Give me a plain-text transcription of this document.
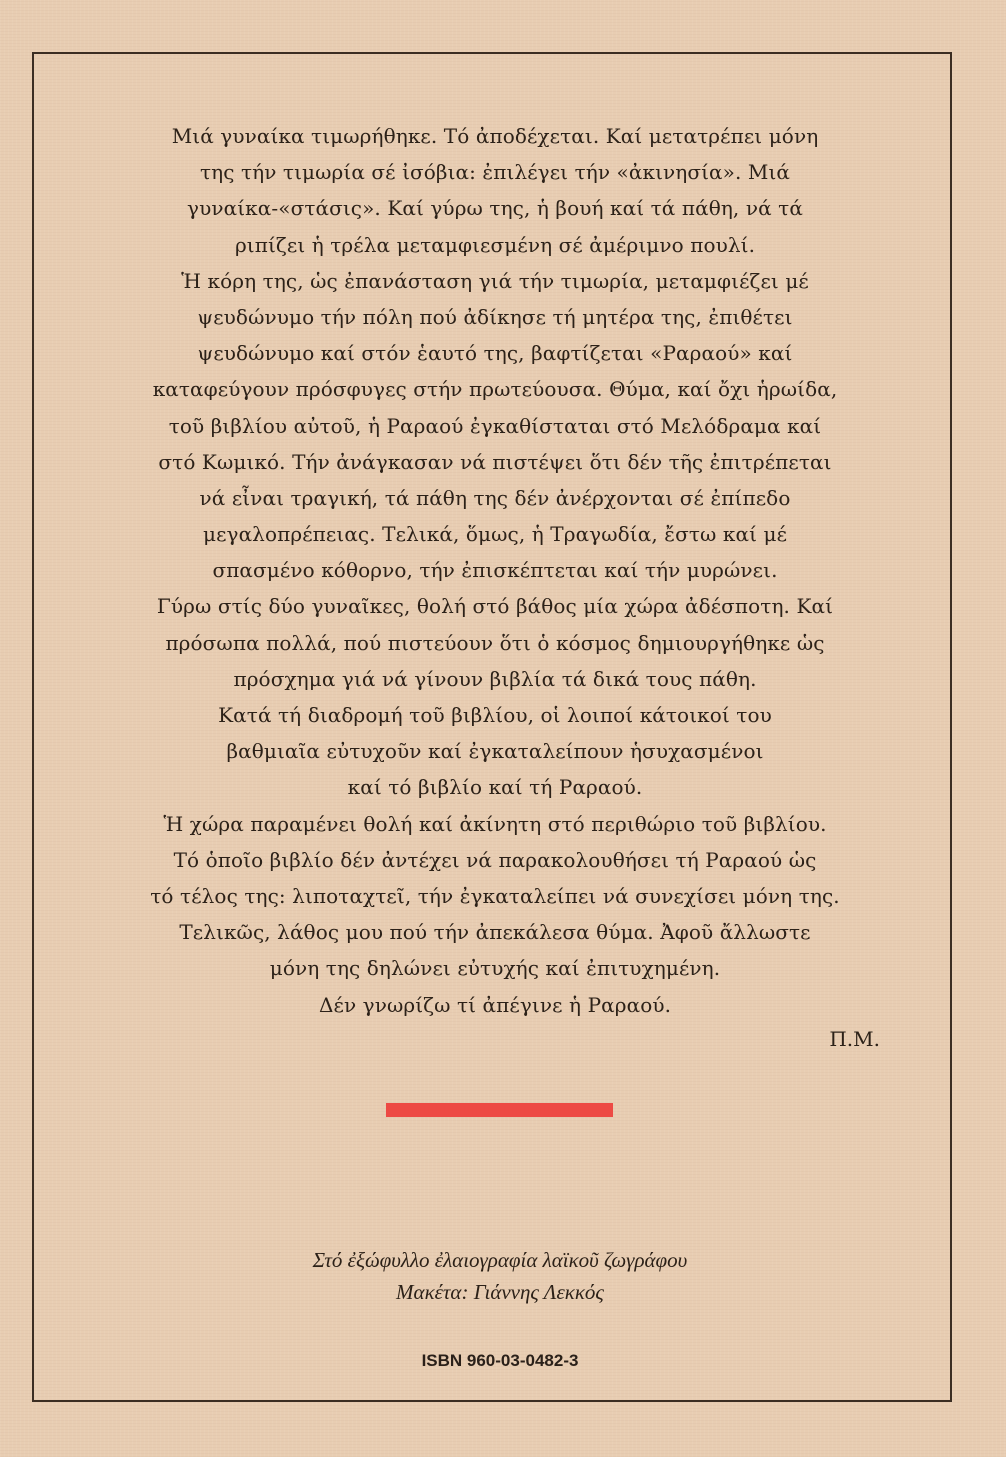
Μιά γυναίκα τιμωρήθηκε. Τό ἀποδέχεται. Καί μετατρέπει μόνη
της τήν τιμωρία σέ ἰσόβια: ἐπιλέγει τήν «ἀκινησία». Μιά
γυναίκα-«στάσις». Καί γύρω της, ἡ βουή καί τά πάθη, νά τά
ριπίζει ἡ τρέλα μεταμφιεσμένη σέ ἀμέριμνο πουλί.
Ἡ κόρη της, ὡς ἐπανάσταση γιά τήν τιμωρία, μεταμφιέζει μέ
ψευδώνυμο τήν πόλη πού ἀδίκησε τή μητέρα της, ἐπιθέτει
ψευδώνυμο καί στόν ἑαυτό της, βαφτίζεται «Ραραού» καί
καταφεύγουν πρόσφυγες στήν πρωτεύουσα. Θύμα, καί ὄχι ἡρωίδα,
τοῦ βιβλίου αὐτοῦ, ἡ Ραραού ἐγκαθίσταται στό Μελόδραμα καί
στό Κωμικό. Τήν ἀνάγκασαν νά πιστέψει ὅτι δέν τῆς ἐπιτρέπεται
νά εἶναι τραγική, τά πάθη της δέν ἀνέρχονται σέ ἐπίπεδο
μεγαλοπρέπειας. Τελικά, ὅμως, ἡ Τραγωδία, ἔστω καί μέ
σπασμένο κόθορνο, τήν ἐπισκέπτεται καί τήν μυρώνει.
Γύρω στίς δύο γυναῖκες, θολή στό βάθος μία χώρα ἀδέσποτη. Καί
πρόσωπα πολλά, πού πιστεύουν ὅτι ὁ κόσμος δημιουργήθηκε ὡς
πρόσχημα γιά νά γίνουν βιβλία τά δικά τους πάθη.
Κατά τή διαδρομή τοῦ βιβλίου, οἱ λοιποί κάτοικοί του
βαθμιαῖα εὐτυχοῦν καί ἐγκαταλείπουν ἡσυχασμένοι
καί τό βιβλίο καί τή Ραραού.
Ἡ χώρα παραμένει θολή καί ἀκίνητη στό περιθώριο τοῦ βιβλίου.
Τό ὁποῖο βιβλίο δέν ἀντέχει νά παρακολουθήσει τή Ραραού ὡς
τό τέλος της: λιποταχτεῖ, τήν ἐγκαταλείπει νά συνεχίσει μόνη της.
Τελικῶς, λάθος μου πού τήν ἀπεκάλεσα θύμα. Ἀφοῦ ἄλλωστε
μόνη της δηλώνει εὐτυχής καί ἐπιτυχημένη.
Δέν γνωρίζω τί ἀπέγινε ἡ Ραραού.
Π.Μ.
Στό ἐξώφυλλο ἐλαιογραφία λαϊκοῦ ζωγράφου
Μακέτα: Γιάννης Λεκκός
ISBN 960-03-0482-3
